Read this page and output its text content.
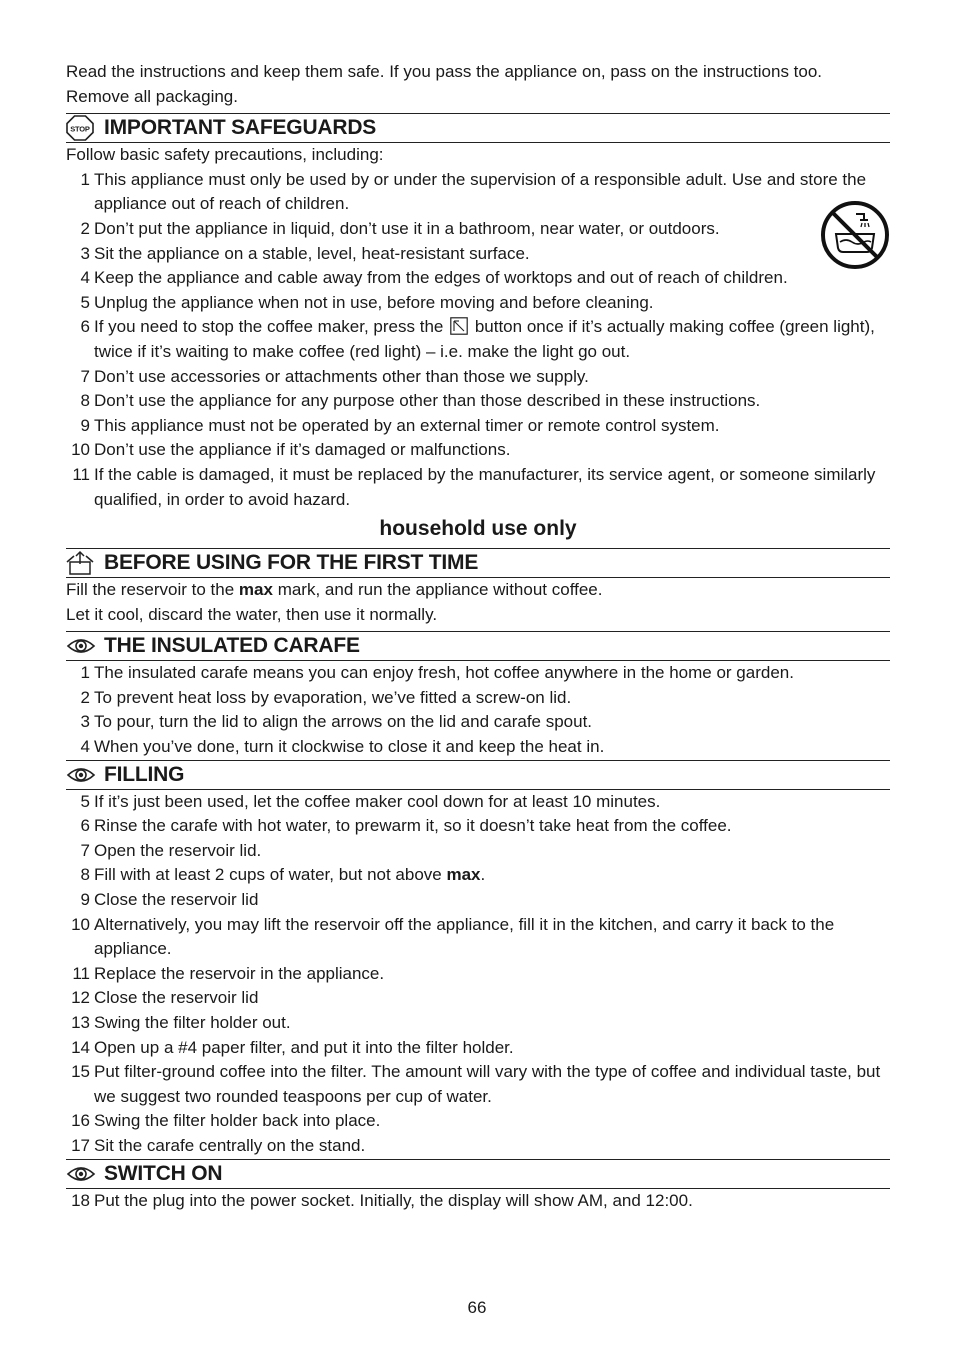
Read the instructions and keep them safe. If you pass the appliance on, pass on the instructions too. Remove all packaging.

STOP IMPORTANT SAFEGUARDS
Follow basic safety precautions, including:
1 This appliance must only be used by or under the supervision of a responsible adult. Use and store the appliance out of reach of children.
2 Don’t put the appliance in liquid, don’t use it in a bathroom, near water, or outdoors.
3 Sit the appliance on a stable, level, heat-resistant surface.
4 Keep the appliance and cable away from the edges of worktops and out of reach of children.
5 Unplug the appliance when not in use, before moving and before cleaning.
6 If you need to stop the coffee maker, press the button once if it’s actually making coffee (green light), twice if it’s waiting to make coffee (red light) – i.e. make the light go out.
7 Don’t use accessories or attachments other than those we supply.
8 Don’t use the appliance for any purpose other than those described in these instructions.
9 This appliance must not be operated by an external timer or remote control system.
10 Don’t use the appliance if it’s damaged or malfunctions.
11 If the cable is damaged, it must be replaced by the manufacturer, its service agent, or someone similarly qualified, in order to avoid hazard.
household use only
BEFORE USING FOR THE FIRST TIME
Fill the reservoir to the max mark, and run the appliance without coffee.
Let it cool, discard the water, then use it normally.
THE INSULATED CARAFE
1 The insulated carafe means you can enjoy fresh, hot coffee anywhere in the home or garden.
2 To prevent heat loss by evaporation, we’ve fitted a screw-on lid.
3 To pour, turn the lid to align the arrows on the lid and carafe spout.
4 When you’ve done, turn it clockwise to close it and keep the heat in.
FILLING
5 If it’s just been used, let the coffee maker cool down for at least 10 minutes.
6 Rinse the carafe with hot water, to prewarm it, so it doesn’t take heat from the coffee.
7 Open the reservoir lid.
8 Fill with at least 2 cups of water, but not above max.
9 Close the reservoir lid
10 Alternatively, you may lift the reservoir off the appliance, fill it in the kitchen, and carry it back to the appliance.
11 Replace the reservoir in the appliance.
12 Close the reservoir lid
13 Swing the filter holder out.
14 Open up a #4 paper filter, and put it into the filter holder.
15 Put filter-ground coffee into the filter. The amount will vary with the type of coffee and individual taste, but we suggest two rounded teaspoons per cup of water.
16 Swing the filter holder back into place.
17 Sit the carafe centrally on the stand.
SWITCH ON
18 Put the plug into the power socket. Initially, the display will show AM, and 12:00.
66
